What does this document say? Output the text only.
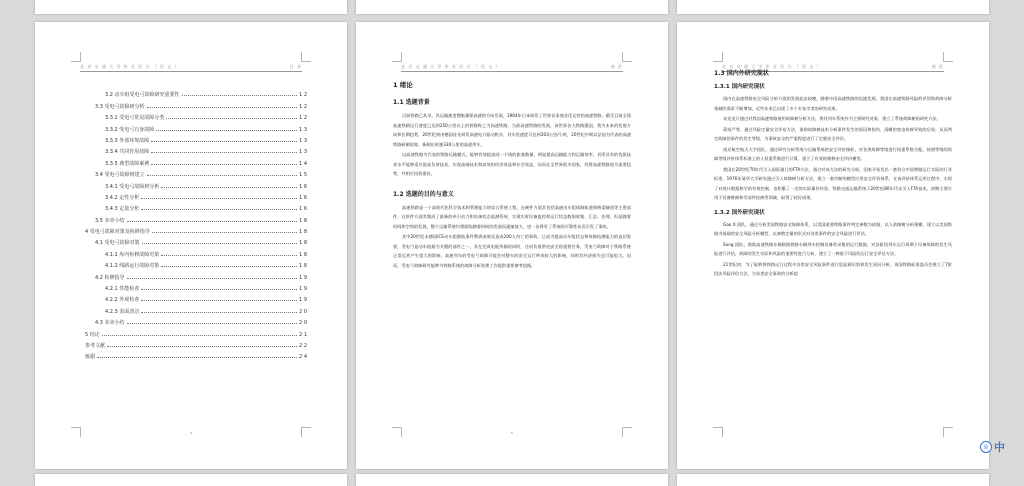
北 京 交 通 大 学 毕 业 设 计 （ 论 文 ）	目 录
3.2 动车组受电弓故障研究重要性	1 2
3.3 受电弓故障树分析	1 2
3.3.1 受电弓常见故障分类	1 2
3.3.2 受电弓自身故障	1 3
3.3.3 外部环境故障	1 3
3.3.4 共同作用故障	1 3
3.3.5 典型故障案例	1 4
3.4 受电弓故障树建立	1 5
3.4.1 受电弓故障树分析	1 6
3.4.2 定性分析	1 6
3.4.3 定量分析	1 6
3.5 本章小结	1 8
4 受电弓故障对策及检修指导	1 8
4.1 受电弓故障对策	1 8
4.1.1 库内检修故障对策	1 8
4.1.2 线路运行故障对策	1 8
4.2 检修指导	1 9
4.2.1 性能检查	1 9
4.2.2 外观检查	1 9
4.2.3 表面清洁	2 0
4.3 本章小结	2 0
5 结论	2 1
参考文献	2 2
致谢	2 4
4
北 京 交 通 大 学 毕 业 设 计 （ 论 文 ）	绪 论
1 绪论
1.1 选题背景

目前铁路已从早，其运输速度搜集量要高速的方向发展，1964年日本研发了世界首条商业化运营的高速铁路，截至目前全球高速铁路运行速度已达到250公里以上的铁路称之为高速铁路，当前高速铁路的发展，该世界各大铁路强国，我为未来的发展方向和长期趋势，20世纪初由德国首先研发高速电力驱动机车，其实验速度可达到203公里/小时，20世纪中期以法国为代表的高速铁路研制国家，新制出时速330公里的高速列车。

以高速铁路为代表的铁路运输模式，能够有效提高同一干线的旅客数量，明显提高运输能力和运输效率，其所具有的优质技术水平能够适应最高负荷技术，实现高端技术和高效的经济效益和社会效益，因而在全世界很多国家，均将高速铁路视为重要趋势，并相应投资建设。

1.2 选题的目的与意义

高速铁路是一个高现代化科学技术和管理能力的综合系统工程，在硬件方面其包括高速动车组线路轨道和桥梁隧道等主要部件，在软件方面其集成了最新的牵引动力和设备状态监测系统；实现实时设备监控和运行状态数据收集、汇总、处理，但是随着时间和空间的发展，整个运输系统均将面临随着时间的发展而逐渐放大，进一步将有了系统的可靠性从而引发了事故。

其中20世纪末德国ICE动车组脱轨事件教训深刻及造成200人伤亡的事故，已成为提高动车组状态和故障检测能力的迫切需要，受电弓是动车组最为关键的部件之一，其在完成电能传输的同时，还肩负着供电安全的重要任务，受电弓故障对于铁路系统正常运营产生重大的影响，高速列车的受电弓故障可能会对整车的安全运行带来较大的影响，同时其经济损失也可能很大。因而，受电弓故障研究能够为铁路系统的故障分析处理工作提供重要参考依据。

5
北 京 交 通 大 学 毕 业 设 计 （ 论 文 ）	绪 论
1.3 国内外研究现状
1.3.1 国内研究现状

国内在高速铁路安全风险分析方面的发展起步较晚，随着中国高速铁路的迅速发展，我国在高速铁路风险的识别和故障分析领域的需求不断增加，近些年来已出现了多个专家学者的研究成果。

宋龙龙只通过对我国高速铁路使用故障树分析方法，将其列车系统作为主要研究对象，建立了系统故障树的研究方法。

蒋宛严等，通过风险定量安全评估方法，借助故障树技术分析事件发生的原因和损伤，清晰的变电故障导致的后果，从而判定故障的事件的发生等级，为事故安全的严重程度进行了定量安全评估。

南京航空航天大学团队，通过研究分析系统与运输系统的安全评价指标，对各类故障等级进行权重系数分配，按照等级的故障等级评价体系标准上的人权重系数进行计算，建立了有效的维修安全评价模型。

我国在20世纪70年代引入国际通行的FTA方法，通过对该方法的研究分析，国家开始发出一套符合中国铁路运行实际的行业标准，1976年清华大学研究通过引入故障树分析方法，建立一套诊断的模型应用安全评价体系，在该评价体系运用过程中，实现了对统计数据和学的有效控制，也积累了一定的实际操作经验。铁路交通运输系统于20世纪80年代末引入FTA技术，初期主要应用于设备维修和零部件检修等领域，取得了较好成果。

1.3.2 国外研究现状

Gao X 团队，通过分析美国铁路安全保障体系，以美国重要铁路事件判定参数为依据，以人故障树分析建模，建立以美国铁路为基础的安全风险分析模型，以参数定量的形式对各类事件的安全风险进行评估。

Song 团队，借助高速铁路车辆数据铁路车辆列车控制设备常采集的运行数据，对各阶段列车运行周期下设备故障的发生风险进行评估，故障的发生实际和风险的重要性进行分析，建立了一种基于风险的运行安全评估方法。

21世纪初，为了能够将铁路运行过程中各类安全风险事件进行危险源识别和发生原因分析，英国铁路标准委员会建立了7阶段法风险评估方法，为各类安全事故的分析提

简 中
